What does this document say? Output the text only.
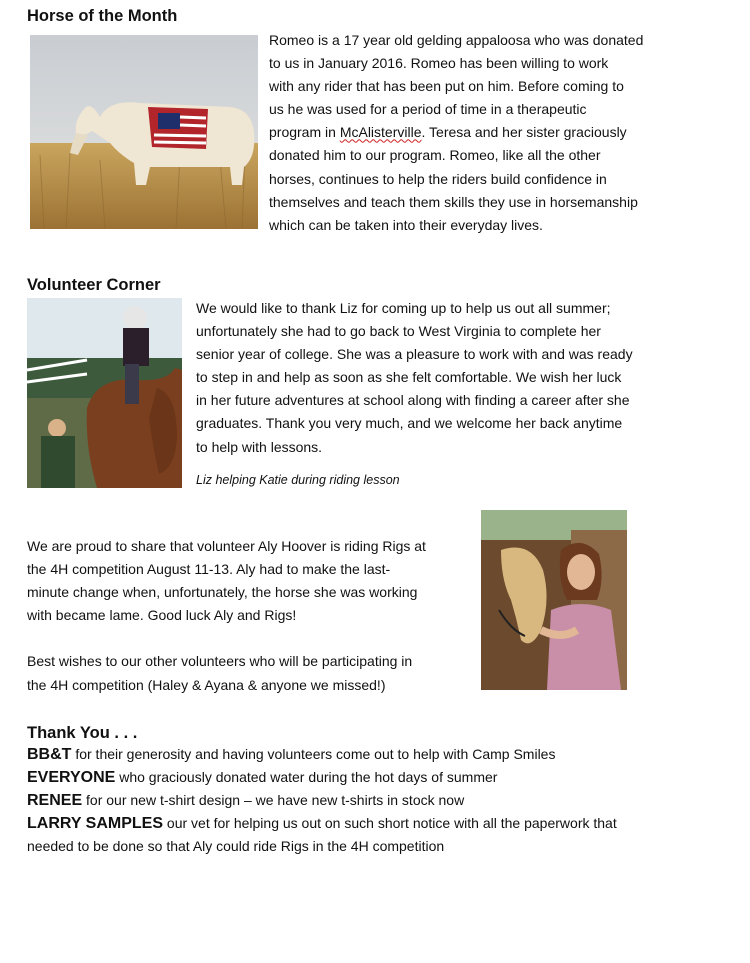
Horse of the Month
Romeo is a 17 year old gelding appaloosa who was donated
to us in January 2016. Romeo has been willing to work
with any rider that has been put on him. Before coming to
us he was used for a period of time in a therapeutic
program in McAlisterville. Teresa and her sister graciously
donated him to our program. Romeo, like all the other
horses, continues to help the riders build confidence in
themselves and teach them skills they use in horsemanship
which can be taken into their everyday lives.
Volunteer Corner
We would like to thank Liz for coming up to help us out all summer;
unfortunately she had to go back to West Virginia to complete her
senior year of college. She was a pleasure to work with and was ready
to step in and help as soon as she felt comfortable. We wish her luck
in her future adventures at school along with finding a career after she
graduates. Thank you very much, and we welcome her back anytime
to help with lessons.
Liz helping Katie during riding lesson
We are proud to share that volunteer Aly Hoover is riding Rigs at
the 4H competition August 11-13. Aly had to make the last-
minute change when, unfortunately, the horse she was working
with became lame. Good luck Aly and Rigs!
Best wishes to our other volunteers who will be participating in
the 4H competition (Haley & Ayana & anyone we missed!)
Thank You . . .
BB&T for their generosity and having volunteers come out to help with Camp Smiles
EVERYONE who graciously donated water during the hot days of summer
RENEE for our new t-shirt design – we have new t-shirts in stock now
LARRY SAMPLES our vet for helping us out on such short notice with all the paperwork that
needed to be done so that Aly could ride Rigs in the 4H competition
